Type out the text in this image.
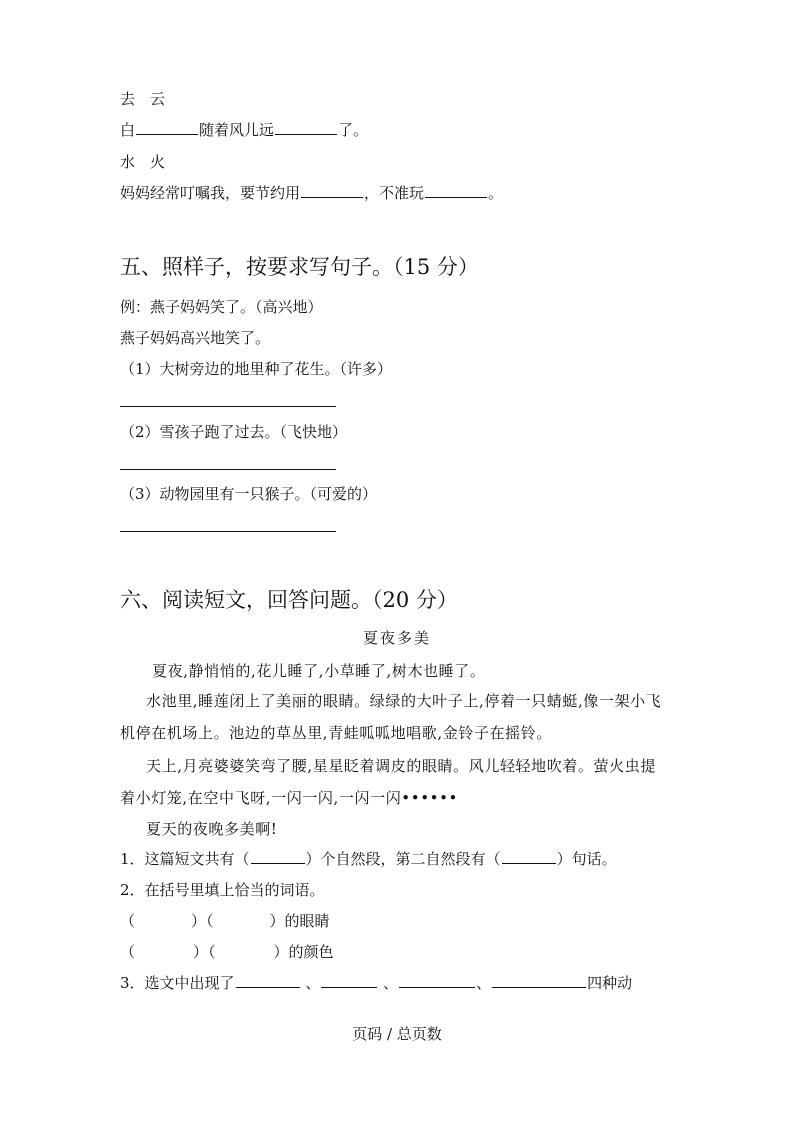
去　云
白	随着风儿远	了。
水　火
妈妈经常叮嘱我，要节约用	，不准玩	。
五、照样子，按要求写句子。（15 分）
例：燕子妈妈笑了。（高兴地）
燕子妈妈高兴地笑了。
（1）大树旁边的地里种了花生。（许多）
（2）雪孩子跑了过去。（飞快地）
（3）动物园里有一只猴子。（可爱的）
六、阅读短文，回答问题。（20 分）
夏夜多美
夏夜,静悄悄的,花儿睡了,小草睡了,树木也睡了。
水池里,睡莲闭上了美丽的眼睛。绿绿的大叶子上,停着一只蜻蜓,像一架小飞
机停在机场上。池边的草丛里,青蛙呱呱地唱歌,金铃子在摇铃。
天上,月亮婆婆笑弯了腰,星星眨着调皮的眼睛。风儿轻轻地吹着。萤火虫提
着小灯笼,在空中飞呀,一闪一闪,一闪一闪••••••
夏天的夜晚多美啊!
1．这篇短文共有（	）个自然段，第二自然段有（	）句话。
2．在括号里填上恰当的词语。
（	）（	）的眼睛
（	）（	）的颜色
3．选文中出现了	、	、	、	四种动
页码 / 总页数
